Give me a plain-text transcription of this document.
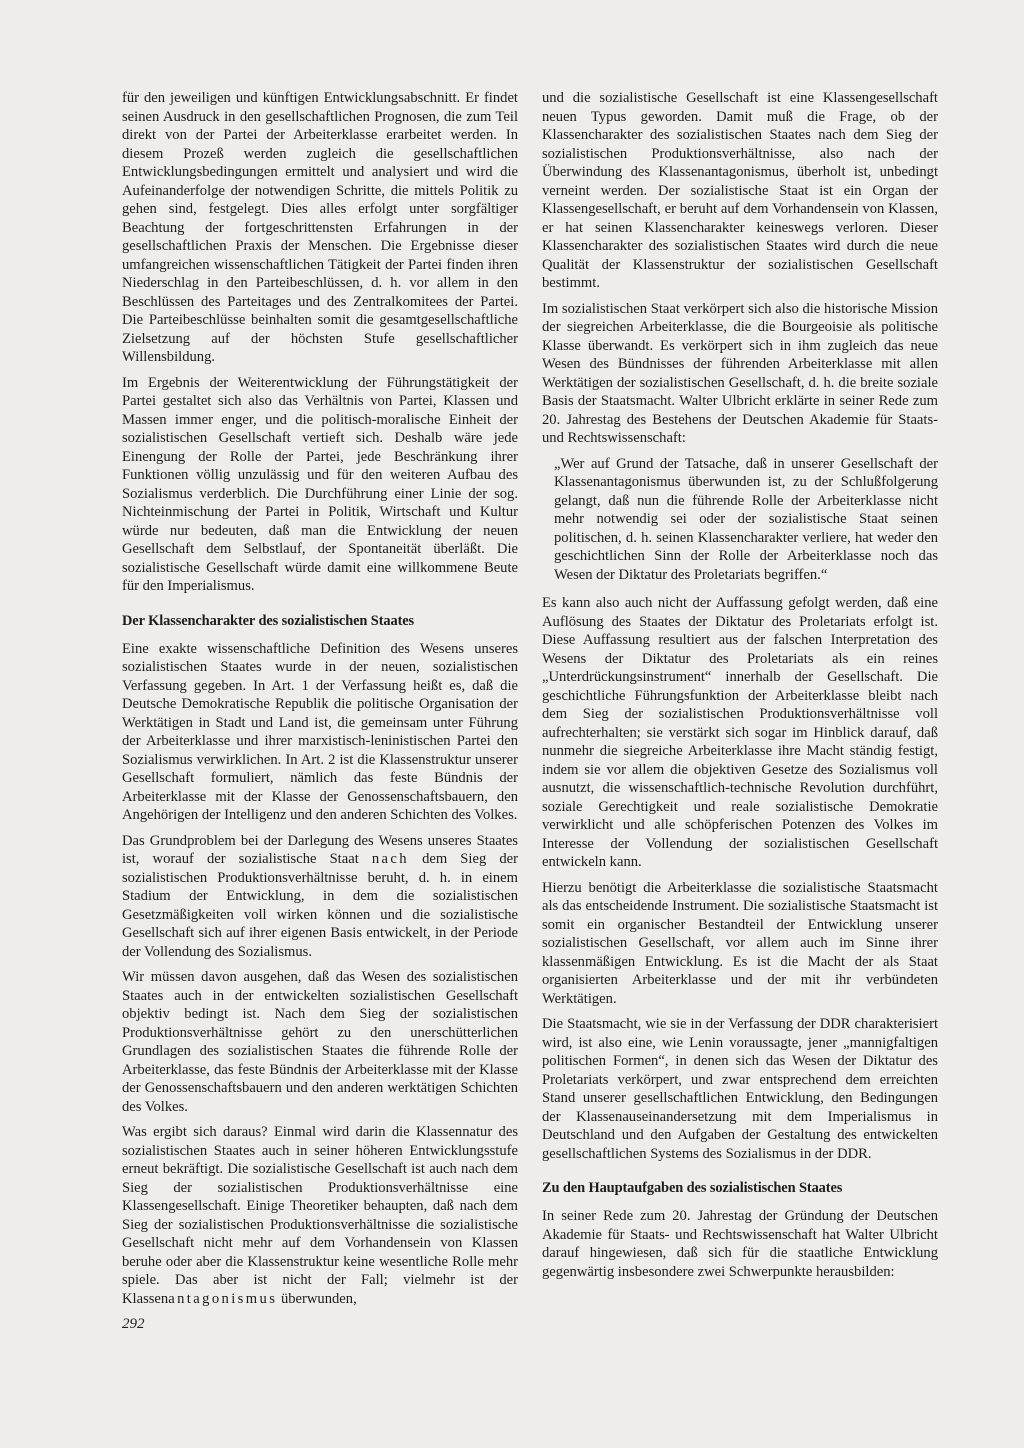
für den jeweiligen und künftigen Entwicklungsabschnitt. Er findet seinen Ausdruck in den gesellschaftlichen Prognosen, die zum Teil direkt von der Partei der Arbeiterklasse erarbeitet werden. In diesem Prozeß werden zugleich die gesellschaftlichen Entwicklungsbedingungen ermittelt und analysiert und wird die Aufeinanderfolge der notwendigen Schritte, die mittels Politik zu gehen sind, festgelegt. Dies alles erfolgt unter sorgfältiger Beachtung der fortgeschrittensten Erfahrungen in der gesellschaftlichen Praxis der Menschen. Die Ergebnisse dieser umfangreichen wissenschaftlichen Tätigkeit der Partei finden ihren Niederschlag in den Parteibeschlüssen, d. h. vor allem in den Beschlüssen des Parteitages und des Zentralkomitees der Partei. Die Parteibeschlüsse beinhalten somit die gesamtgesellschaftliche Zielsetzung auf der höchsten Stufe gesellschaftlicher Willensbildung.

Im Ergebnis der Weiterentwicklung der Führungstätigkeit der Partei gestaltet sich also das Verhältnis von Partei, Klassen und Massen immer enger, und die politisch-moralische Einheit der sozialistischen Gesellschaft vertieft sich. Deshalb wäre jede Einengung der Rolle der Partei, jede Beschränkung ihrer Funktionen völlig unzulässig und für den weiteren Aufbau des Sozialismus verderblich. Die Durchführung einer Linie der sog. Nichteinmischung der Partei in Politik, Wirtschaft und Kultur würde nur bedeuten, daß man die Entwicklung der neuen Gesellschaft dem Selbstlauf, der Spontaneität überläßt. Die sozialistische Gesellschaft würde damit eine willkommene Beute für den Imperialismus.

Der Klassencharakter des sozialistischen Staates

Eine exakte wissenschaftliche Definition des Wesens unseres sozialistischen Staates wurde in der neuen, sozialistischen Verfassung gegeben. In Art. 1 der Verfassung heißt es, daß die Deutsche Demokratische Republik die politische Organisation der Werktätigen in Stadt und Land ist, die gemeinsam unter Führung der Arbeiterklasse und ihrer marxistisch-leninistischen Partei den Sozialismus verwirklichen. In Art. 2 ist die Klassenstruktur unserer Gesellschaft formuliert, nämlich das feste Bündnis der Arbeiterklasse mit der Klasse der Genossenschaftsbauern, den Angehörigen der Intelligenz und den anderen Schichten des Volkes.

Das Grundproblem bei der Darlegung des Wesens unseres Staates ist, worauf der sozialistische Staat nach dem Sieg der sozialistischen Produktionsverhältnisse beruht, d. h. in einem Stadium der Entwicklung, in dem die sozialistischen Gesetzmäßigkeiten voll wirken können und die sozialistische Gesellschaft sich auf ihrer eigenen Basis entwickelt, in der Periode der Vollendung des Sozialismus.

Wir müssen davon ausgehen, daß das Wesen des sozialistischen Staates auch in der entwickelten sozialistischen Gesellschaft objektiv bedingt ist. Nach dem Sieg der sozialistischen Produktionsverhältnisse gehört zu den unerschütterlichen Grundlagen des sozialistischen Staates die führende Rolle der Arbeiterklasse, das feste Bündnis der Arbeiterklasse mit der Klasse der Genossenschaftsbauern und den anderen werktätigen Schichten des Volkes.

Was ergibt sich daraus? Einmal wird darin die Klassennatur des sozialistischen Staates auch in seiner höheren Entwicklungsstufe erneut bekräftigt. Die sozialistische Gesellschaft ist auch nach dem Sieg der sozialistischen Produktionsverhältnisse eine Klassengesellschaft. Einige Theoretiker behaupten, daß nach dem Sieg der sozialistischen Produktionsverhältnisse die sozialistische Gesellschaft nicht mehr auf dem Vorhandensein von Klassen beruhe oder aber die Klassenstruktur keine wesentliche Rolle mehr spiele. Das aber ist nicht der Fall; vielmehr ist der Klassenantagonismus überwunden,

und die sozialistische Gesellschaft ist eine Klassengesellschaft neuen Typus geworden. Damit muß die Frage, ob der Klassencharakter des sozialistischen Staates nach dem Sieg der sozialistischen Produktionsverhältnisse, also nach der Überwindung des Klassenantagonismus, überholt ist, unbedingt verneint werden. Der sozialistische Staat ist ein Organ der Klassengesellschaft, er beruht auf dem Vorhandensein von Klassen, er hat seinen Klassencharakter keineswegs verloren. Dieser Klassencharakter des sozialistischen Staates wird durch die neue Qualität der Klassenstruktur der sozialistischen Gesellschaft bestimmt.

Im sozialistischen Staat verkörpert sich also die historische Mission der siegreichen Arbeiterklasse, die die Bourgeoisie als politische Klasse überwandt. Es verkörpert sich in ihm zugleich das neue Wesen des Bündnisses der führenden Arbeiterklasse mit allen Werktätigen der sozialistischen Gesellschaft, d. h. die breite soziale Basis der Staatsmacht. Walter Ulbricht erklärte in seiner Rede zum 20. Jahrestag des Bestehens der Deutschen Akademie für Staats- und Rechtswissenschaft:

„Wer auf Grund der Tatsache, daß in unserer Gesellschaft der Klassenantagonismus überwunden ist, zu der Schlußfolgerung gelangt, daß nun die führende Rolle der Arbeiterklasse nicht mehr notwendig sei oder der sozialistische Staat seinen politischen, d. h. seinen Klassencharakter verliere, hat weder den geschichtlichen Sinn der Rolle der Arbeiterklasse noch das Wesen der Diktatur des Proletariats begriffen.“

Es kann also auch nicht der Auffassung gefolgt werden, daß eine Auflösung des Staates der Diktatur des Proletariats erfolgt ist. Diese Auffassung resultiert aus der falschen Interpretation des Wesens der Diktatur des Proletariats als ein reines „Unterdrückungsinstrument“ innerhalb der Gesellschaft. Die geschichtliche Führungsfunktion der Arbeiterklasse bleibt nach dem Sieg der sozialistischen Produktionsverhältnisse voll aufrechterhalten; sie verstärkt sich sogar im Hinblick darauf, daß nunmehr die siegreiche Arbeiterklasse ihre Macht ständig festigt, indem sie vor allem die objektiven Gesetze des Sozialismus voll ausnutzt, die wissenschaftlich-technische Revolution durchführt, soziale Gerechtigkeit und reale sozialistische Demokratie verwirklicht und alle schöpferischen Potenzen des Volkes im Interesse der Vollendung der sozialistischen Gesellschaft entwickeln kann.

Hierzu benötigt die Arbeiterklasse die sozialistische Staatsmacht als das entscheidende Instrument. Die sozialistische Staatsmacht ist somit ein organischer Bestandteil der Entwicklung unserer sozialistischen Gesellschaft, vor allem auch im Sinne ihrer klassenmäßigen Entwicklung. Es ist die Macht der als Staat organisierten Arbeiterklasse und der mit ihr verbündeten Werktätigen.

Die Staatsmacht, wie sie in der Verfassung der DDR charakterisiert wird, ist also eine, wie Lenin voraussagte, jener „mannigfaltigen politischen Formen“, in denen sich das Wesen der Diktatur des Proletariats verkörpert, und zwar entsprechend dem erreichten Stand unserer gesellschaftlichen Entwicklung, den Bedingungen der Klassenauseinandersetzung mit dem Imperialismus in Deutschland und den Aufgaben der Gestaltung des entwickelten gesellschaftlichen Systems des Sozialismus in der DDR.

Zu den Hauptaufgaben des sozialistischen Staates

In seiner Rede zum 20. Jahrestag der Gründung der Deutschen Akademie für Staats- und Rechtswissenschaft hat Walter Ulbricht darauf hingewiesen, daß sich für die staatliche Entwicklung gegenwärtig insbesondere zwei Schwerpunkte herausbilden:

292
